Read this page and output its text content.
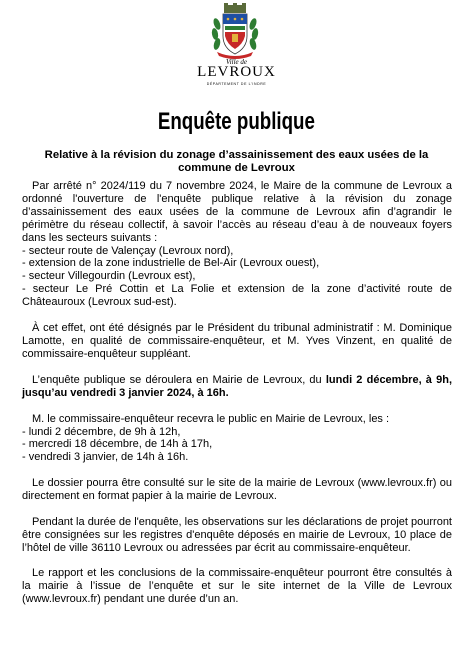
Ville de
LEVROUX
DÉPARTEMENT DE L'INDRE
Enquête publique
Relative à la révision du zonage d’assainissement des eaux usées de la commune de Levroux

Par arrêté n° 2024/119 du 7 novembre 2024, le Maire de la commune de Levroux a ordonné l'ouverture de l'enquête publique relative à la révision du zonage d’assainissement des eaux usées de la commune de Levroux afin d’agrandir le périmètre du réseau collectif, à savoir l’accès au réseau d’eau à de nouveaux foyers dans les secteurs suivants :

- secteur route de Valençay (Levroux nord),

- extension de la zone industrielle de Bel-Air (Levroux ouest),

- secteur Villegourdin (Levroux est),

- secteur Le Pré Cottin et La Folie et extension de la zone d’activité route de Châteauroux (Levroux sud-est).

À cet effet, ont été désignés par le Président du tribunal administratif : M. Dominique Lamotte, en qualité de commissaire-enquêteur, et M. Yves Vinzent, en qualité de commissaire-enquêteur suppléant.

L’enquête publique se déroulera en Mairie de Levroux, du lundi 2 décembre, à 9h, jusqu’au vendredi 3 janvier 2024, à 16h.

M. le commissaire-enquêteur recevra le public en Mairie de Levroux, les :

- lundi 2 décembre, de 9h à 12h,

- mercredi 18 décembre, de 14h à 17h,

- vendredi 3 janvier, de 14h à 16h.

Le dossier pourra être consulté sur le site de la mairie de Levroux (www.levroux.fr) ou directement en format papier à la mairie de Levroux.

Pendant la durée de l'enquête, les observations sur les déclarations de projet pourront être consignées sur les registres d'enquête déposés en mairie de Levroux, 10 place de l’hôtel de ville 36110 Levroux ou adressées par écrit au commissaire-enquêteur.

Le rapport et les conclusions de la commissaire-enquêteur pourront être consultés à la mairie à l’issue de l’enquête et sur le site internet de la Ville de Levroux (www.levroux.fr) pendant une durée d’un an.
